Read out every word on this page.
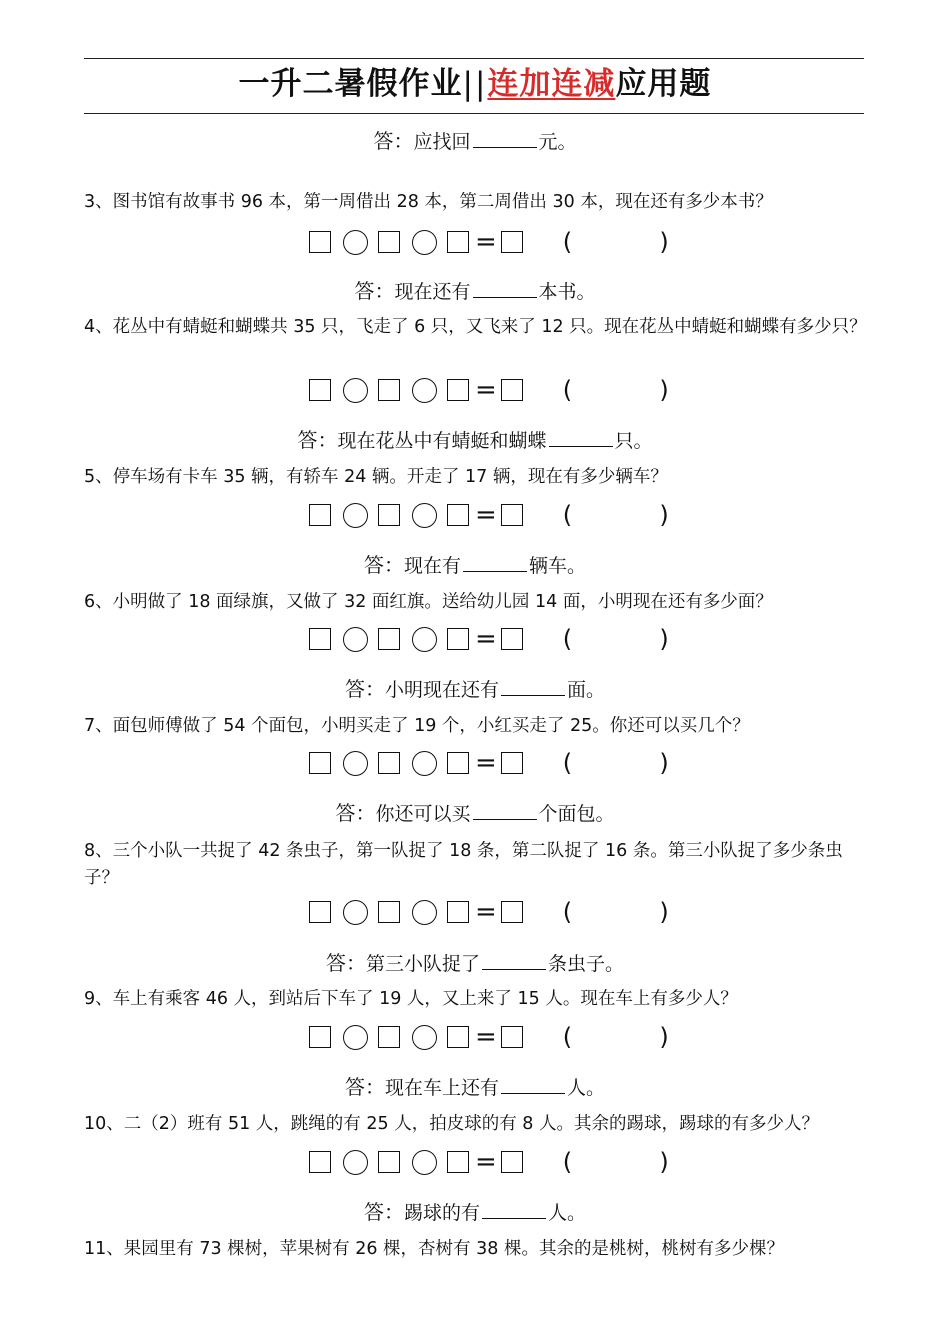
一升二暑假作业||连加连减应用题
答：应找回	元。
3、图书馆有故事书 96 本，第一周借出 28 本，第二周借出 30 本，现在还有多少本书？
=	(  )
答：现在还有	本书。
4、花丛中有蜻蜓和蝴蝶共 35 只，飞走了 6 只，又飞来了 12 只。现在花丛中蜻蜓和蝴蝶有多少只？
=	(  )
答：现在花丛中有蜻蜓和蝴蝶	只。
5、停车场有卡车 35 辆，有轿车 24 辆。开走了 17 辆，现在有多少辆车？
=	(  )
答：现在有	辆车。
6、小明做了 18 面绿旗，又做了 32 面红旗。送给幼儿园 14 面，小明现在还有多少面？
=	(  )
答：小明现在还有	面。
7、面包师傅做了 54 个面包，小明买走了 19 个，小红买走了 25。你还可以买几个？
=	(  )
答：你还可以买	个面包。
8、三个小队一共捉了 42 条虫子，第一队捉了 18 条，第二队捉了 16 条。第三小队捉了多少条虫子？
=	(  )
答：第三小队捉了	条虫子。
9、车上有乘客 46 人，到站后下车了 19 人，又上来了 15 人。现在车上有多少人？
=	(  )
答：现在车上还有	人。
10、二（2）班有 51 人，跳绳的有 25 人，拍皮球的有 8 人。其余的踢球，踢球的有多少人？
=	(  )
答：踢球的有	人。
11、果园里有 73 棵树，苹果树有 26 棵，杏树有 38 棵。其余的是桃树，桃树有多少棵？
